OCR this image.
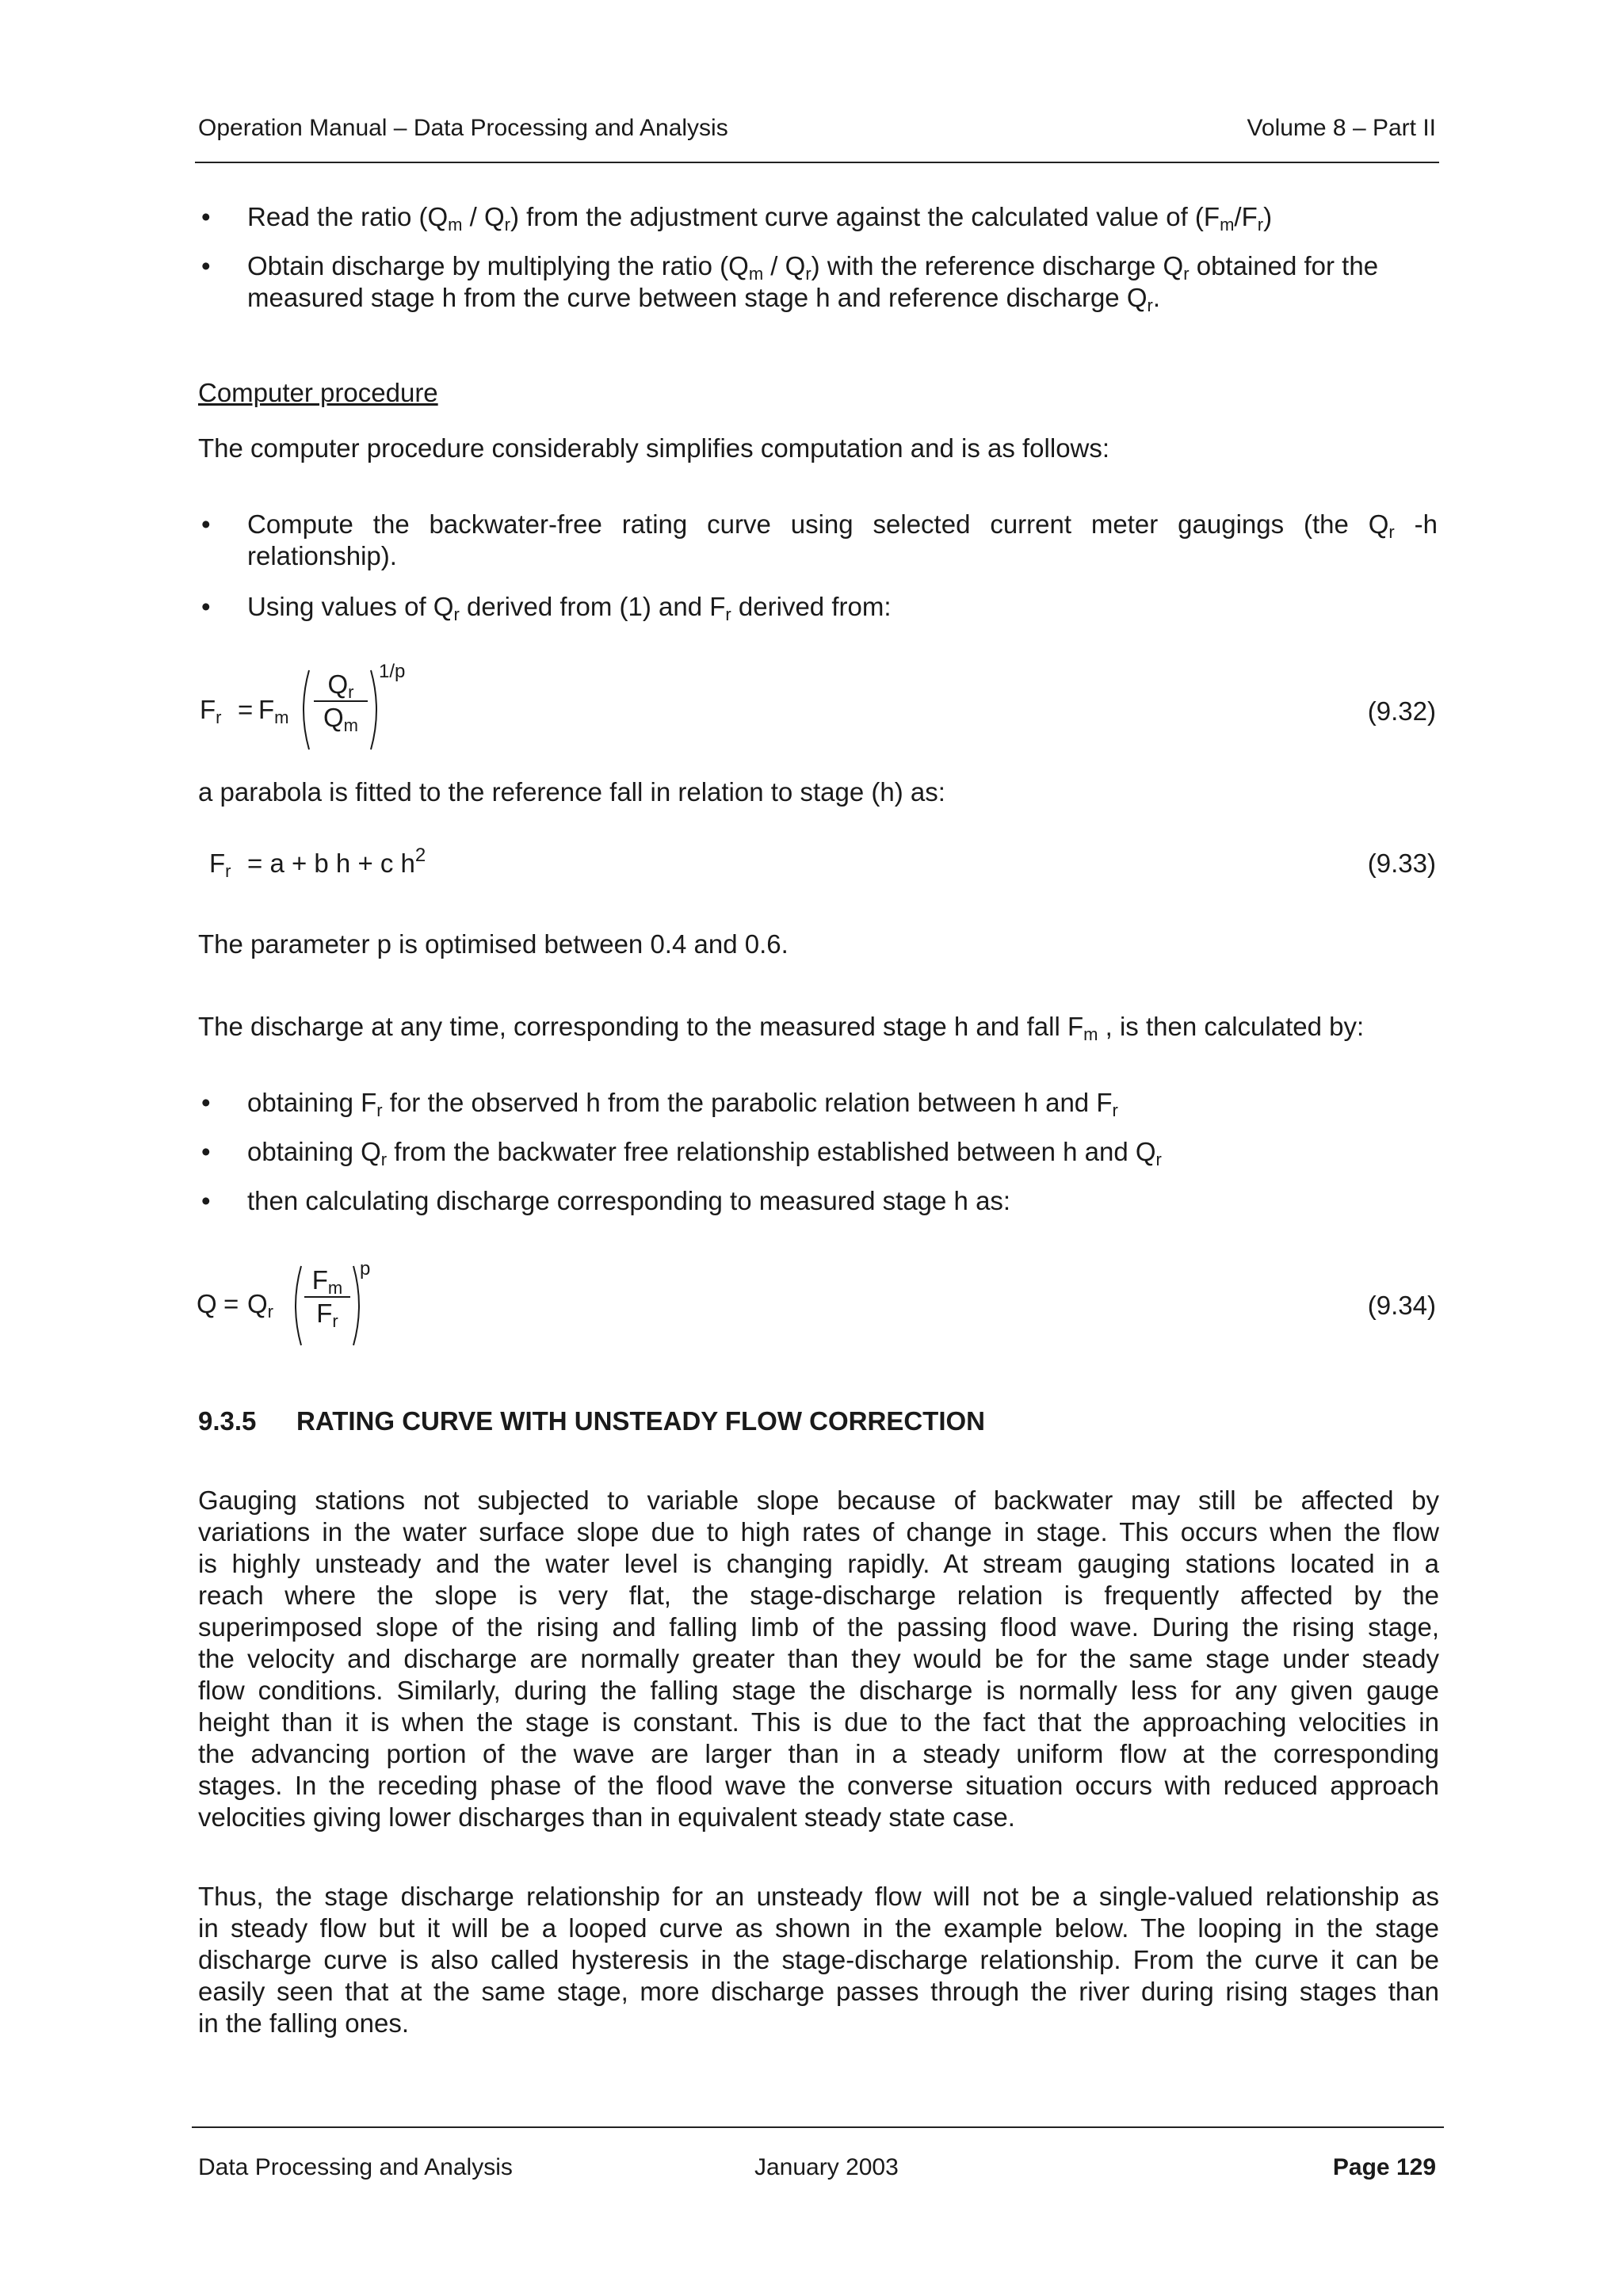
Operation Manual – Data Processing and Analysis	Volume 8 – Part II
• Read the ratio $(Q_m / Q_r)$ from the adjustment curve against the calculated value of $(F_m/F_r)$
• Obtain discharge by multiplying the ratio $(Q_m / Q_r)$ with the reference discharge $Q_r$ obtained for the
measured stage h from the curve between stage h and reference discharge $Q_r$.
Computer procedure
The computer procedure considerably simplifies computation and is as follows:
• Compute the backwater-free rating curve using selected current meter gaugings (the $Q_r$ -h
relationship).
• Using values of $Q_r$ derived from (1) and $F_r$ derived from:
$F_r = F_m$
$Q_r$
$Q_m$
1/p
(9.32)
a parabola is fitted to the reference fall in relation to stage (h) as:
$F_r = a + b$ h + c $h^2$	(9.33)
The parameter p is optimised between 0.4 and 0.6.
The discharge at any time, corresponding to the measured stage h and fall $F_m$ , is then calculated by:
• obtaining $F_r$ for the observed h from the parabolic relation between h and $F_r$
• obtaining $Q_r$ from the backwater free relationship established between h and $Q_r$
• then calculating discharge corresponding to measured stage h as:
$Q = Q_r$
$F_m$
$F_r$
p
(9.34)
9.3.5 RATING CURVE WITH UNSTEADY FLOW CORRECTION
Gauging stations not subjected to variable slope because of backwater may still be affected by
variations in the water surface slope due to high rates of change in stage. This occurs when the flow
is highly unsteady and the water level is changing rapidly. At stream gauging stations located in a
reach where the slope is very flat, the stage-discharge relation is frequently affected by the
superimposed slope of the rising and falling limb of the passing flood wave. During the rising stage,
the velocity and discharge are normally greater than they would be for the same stage under steady
flow conditions. Similarly, during the falling stage the discharge is normally less for any given gauge
height than it is when the stage is constant. This is due to the fact that the approaching velocities in
the advancing portion of the wave are larger than in a steady uniform flow at the corresponding
stages. In the receding phase of the flood wave the converse situation occurs with reduced approach
velocities giving lower discharges than in equivalent steady state case.
Thus, the stage discharge relationship for an unsteady flow will not be a single-valued relationship as
in steady flow but it will be a looped curve as shown in the example below. The looping in the stage
discharge curve is also called hysteresis in the stage-discharge relationship. From the curve it can be
easily seen that at the same stage, more discharge passes through the river during rising stages than
in the falling ones.
Data Processing and Analysis	January 2003	Page 129
